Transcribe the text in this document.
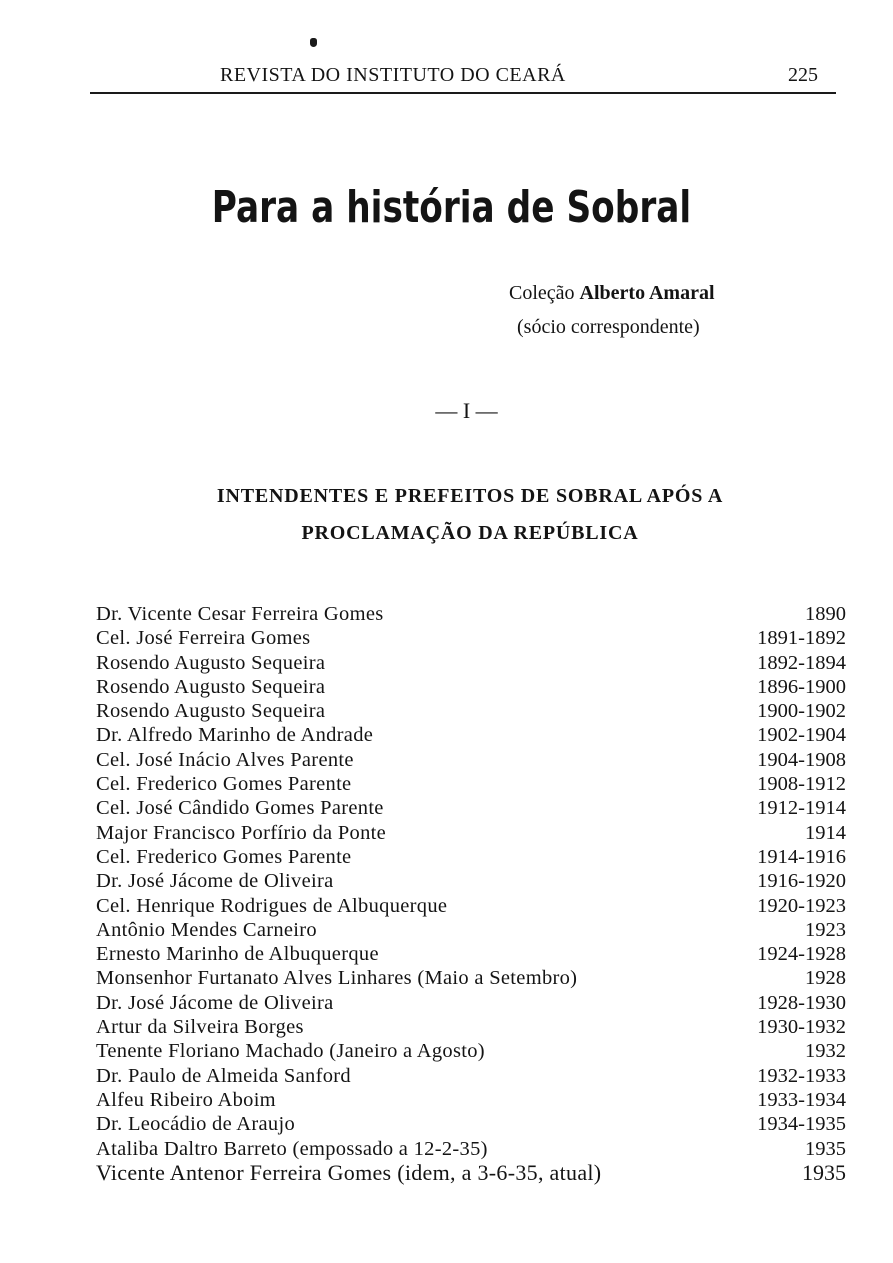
REVISTA DO INSTITUTO DO CEARÁ	225
Para a história de Sobral
Coleção Alberto Amaral
(sócio correspondente)
— I —
INTENDENTES E PREFEITOS DE SOBRAL APÓS A
PROCLAMAÇÃO DA REPÚBLICA
Dr. Vicente Cesar Ferreira Gomes	1890
Cel. José Ferreira Gomes	1891-1892
Rosendo Augusto Sequeira	1892-1894
Rosendo Augusto Sequeira	1896-1900
Rosendo Augusto Sequeira	1900-1902
Dr. Alfredo Marinho de Andrade	1902-1904
Cel. José Inácio Alves Parente	1904-1908
Cel. Frederico Gomes Parente	1908-1912
Cel. José Cândido Gomes Parente	1912-1914
Major Francisco Porfírio da Ponte	1914
Cel. Frederico Gomes Parente	1914-1916
Dr. José Jácome de Oliveira	1916-1920
Cel. Henrique Rodrigues de Albuquerque	1920-1923
Antônio Mendes Carneiro	1923
Ernesto Marinho de Albuquerque	1924-1928
Monsenhor Furtanato Alves Linhares (Maio a Setembro)	1928
Dr. José Jácome de Oliveira	1928-1930
Artur da Silveira Borges	1930-1932
Tenente Floriano Machado (Janeiro a Agosto)	1932
Dr. Paulo de Almeida Sanford	1932-1933
Alfeu Ribeiro Aboim	1933-1934
Dr. Leocádio de Araujo	1934-1935
Ataliba Daltro Barreto (empossado a 12-2-35)	1935
Vicente Antenor Ferreira Gomes (idem, a 3-6-35, atual)	1935
